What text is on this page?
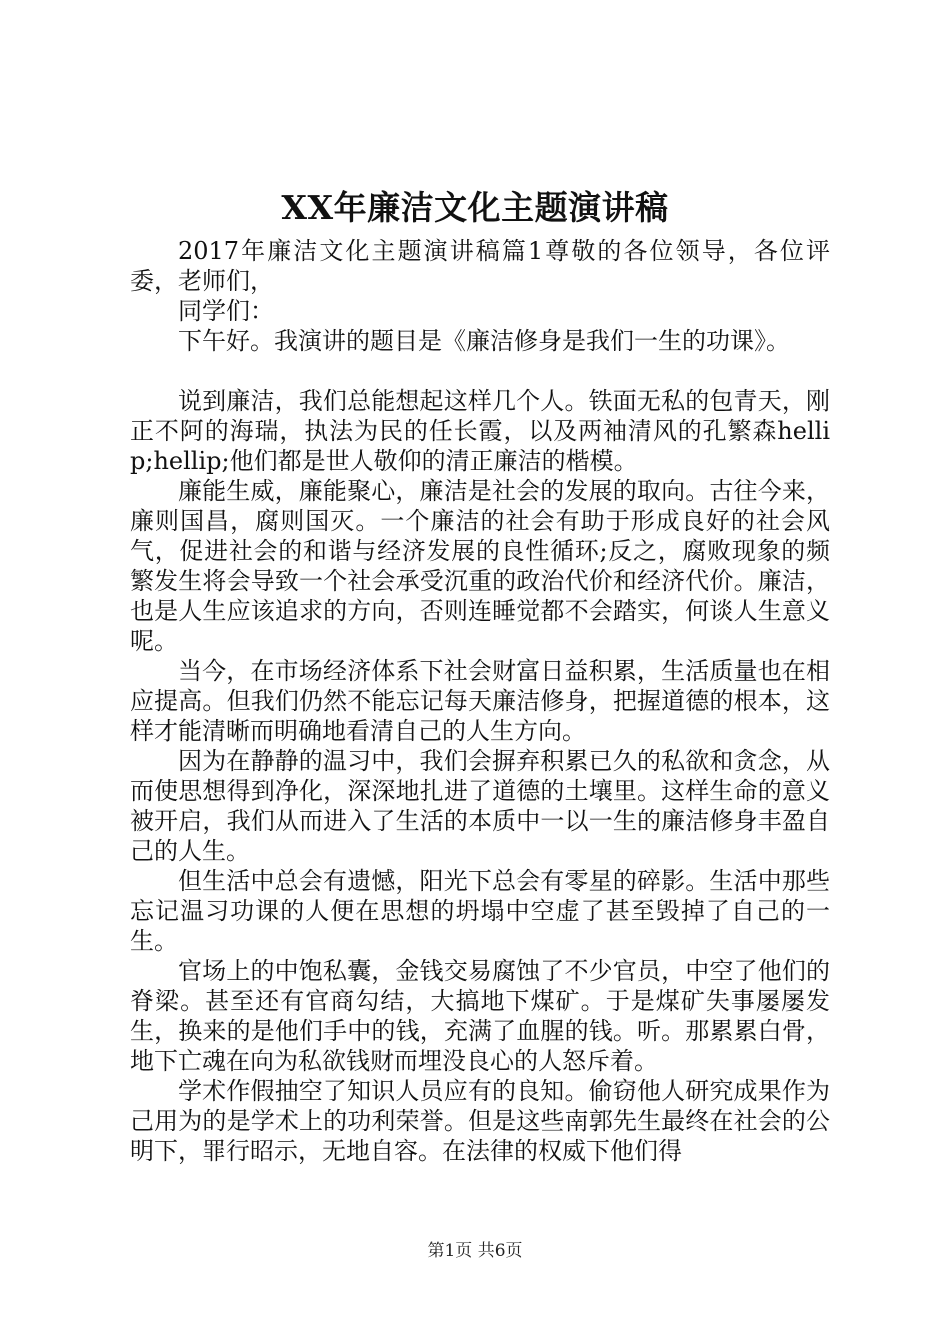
XX年廉洁文化主题演讲稿

2017年廉洁文化主题演讲稿篇1尊敬的各位领导，各位评委，老师们，

同学们：

下午好。我演讲的题目是《廉洁修身是我们一生的功课》。

说到廉洁，我们总能想起这样几个人。铁面无私的包青天，刚正不阿的海瑞，执法为民的任长霞，以及两袖清风的孔繁森hellip;hellip;他们都是世人敬仰的清正廉洁的楷模。

廉能生威，廉能聚心，廉洁是社会的发展的取向。古往今来，廉则国昌，腐则国灭。一个廉洁的社会有助于形成良好的社会风气，促进社会的和谐与经济发展的良性循环;反之，腐败现象的频繁发生将会导致一个社会承受沉重的政治代价和经济代价。廉洁，也是人生应该追求的方向，否则连睡觉都不会踏实，何谈人生意义呢。

当今，在市场经济体系下社会财富日益积累，生活质量也在相应提高。但我们仍然不能忘记每天廉洁修身，把握道德的根本，这样才能清晰而明确地看清自己的人生方向。

因为在静静的温习中，我们会摒弃积累已久的私欲和贪念，从而使思想得到净化，深深地扎进了道德的土壤里。这样生命的意义被开启，我们从而进入了生活的本质中一以一生的廉洁修身丰盈自己的人生。

但生活中总会有遗憾，阳光下总会有零星的碎影。生活中那些忘记温习功课的人便在思想的坍塌中空虚了甚至毁掉了自己的一生。

官场上的中饱私囊，金钱交易腐蚀了不少官员，中空了他们的脊梁。甚至还有官商勾结，大搞地下煤矿。于是煤矿失事屡屡发生，换来的是他们手中的钱，充满了血腥的钱。听。那累累白骨，地下亡魂在向为私欲钱财而埋没良心的人怒斥着。

学术作假抽空了知识人员应有的良知。偷窃他人研究成果作为己用为的是学术上的功利荣誉。但是这些南郭先生最终在社会的公明下，罪行昭示，无地自容。在法律的权威下他们得

第1页 共6页
